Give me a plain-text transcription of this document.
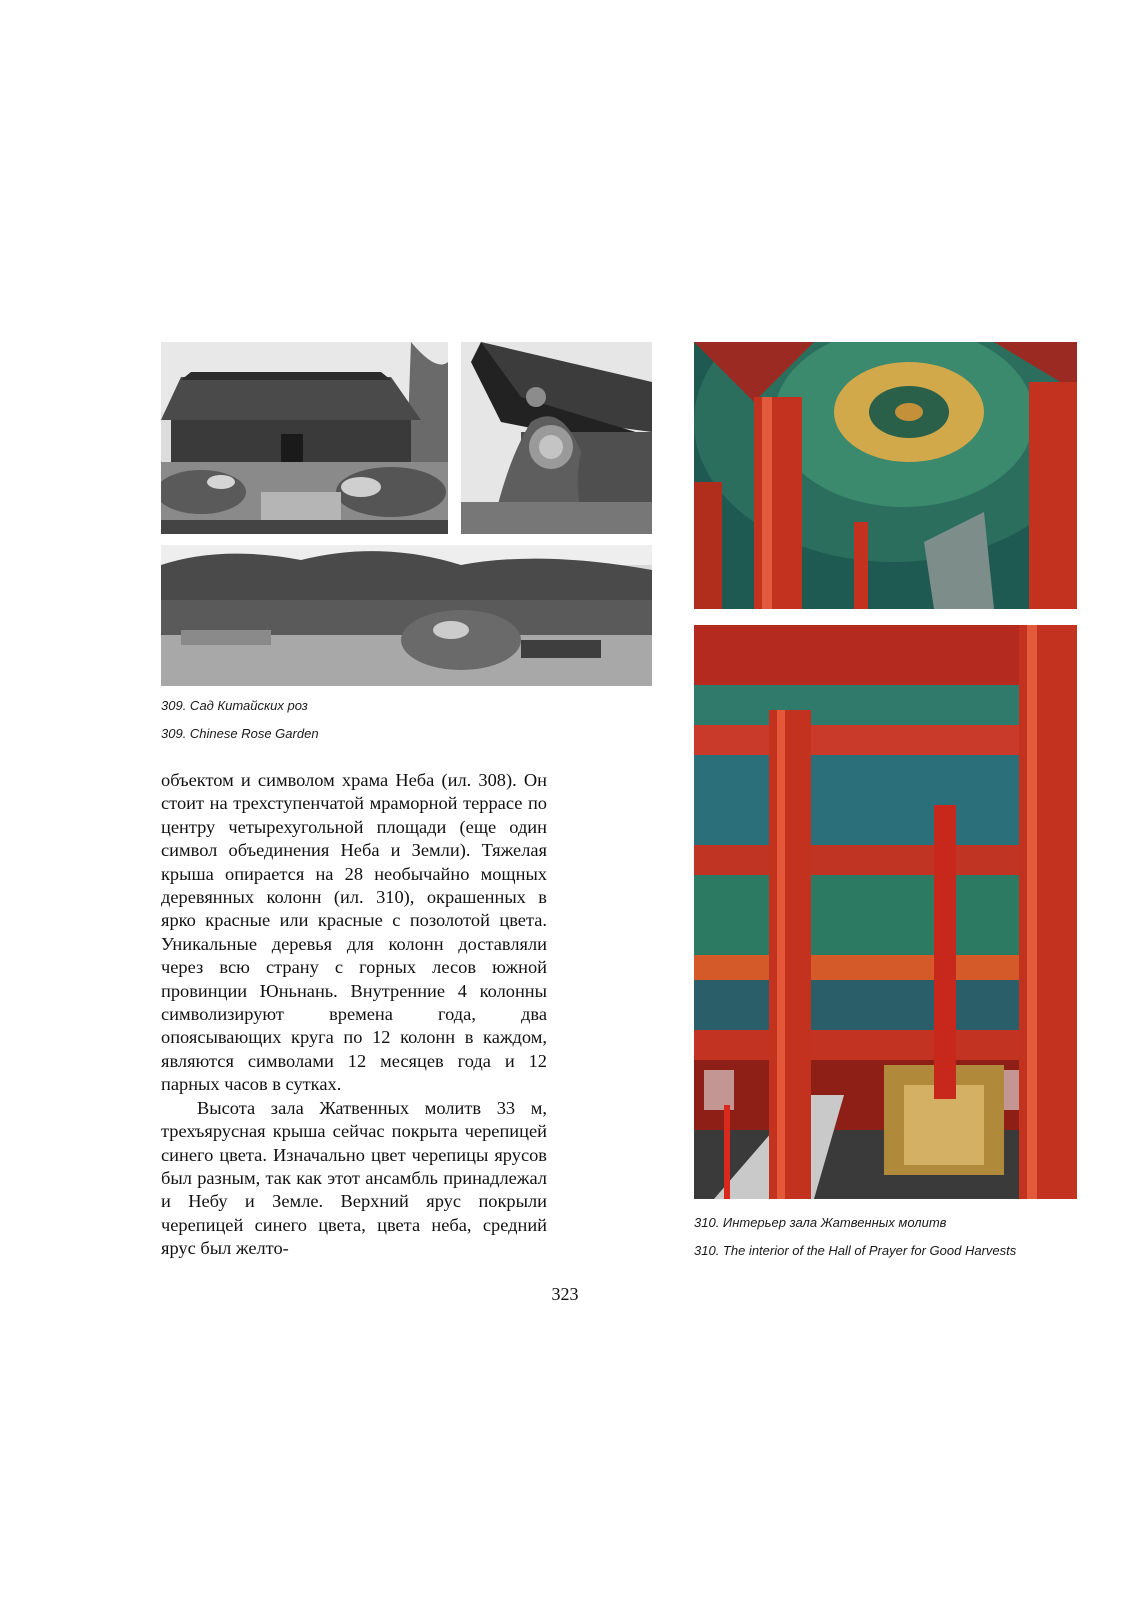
309. Сад Китайских роз
309. Chinese Rose Garden
310. Интерьер зала Жатвенных молитв
310. The interior of the Hall of Prayer for Good Harvests

объектом и символом храма Неба (ил. 308). Он стоит на трехступенчатой мраморной террасе по центру четырехугольной площади (еще один символ объединения Неба и Земли). Тяжелая крыша опирается на 28 необычайно мощных деревянных колонн (ил. 310), окрашенных в ярко красные или красные с позолотой цвета. Уникальные деревья для колонн доставляли через всю страну с горных лесов южной провинции Юньнань. Внутренние 4 колонны символизируют времена года, два опоясывающих круга по 12 колонн в каждом, являются символами 12 месяцев года и 12 парных часов в сутках.

Высота зала Жатвенных молитв 33 м, трехъярусная крыша сейчас покрыта черепицей синего цвета. Изначально цвет черепицы ярусов был разным, так как этот ансамбль принадлежал и Небу и Земле. Верхний ярус покрыли черепицей синего цвета, цвета неба, средний ярус был желто-

323
